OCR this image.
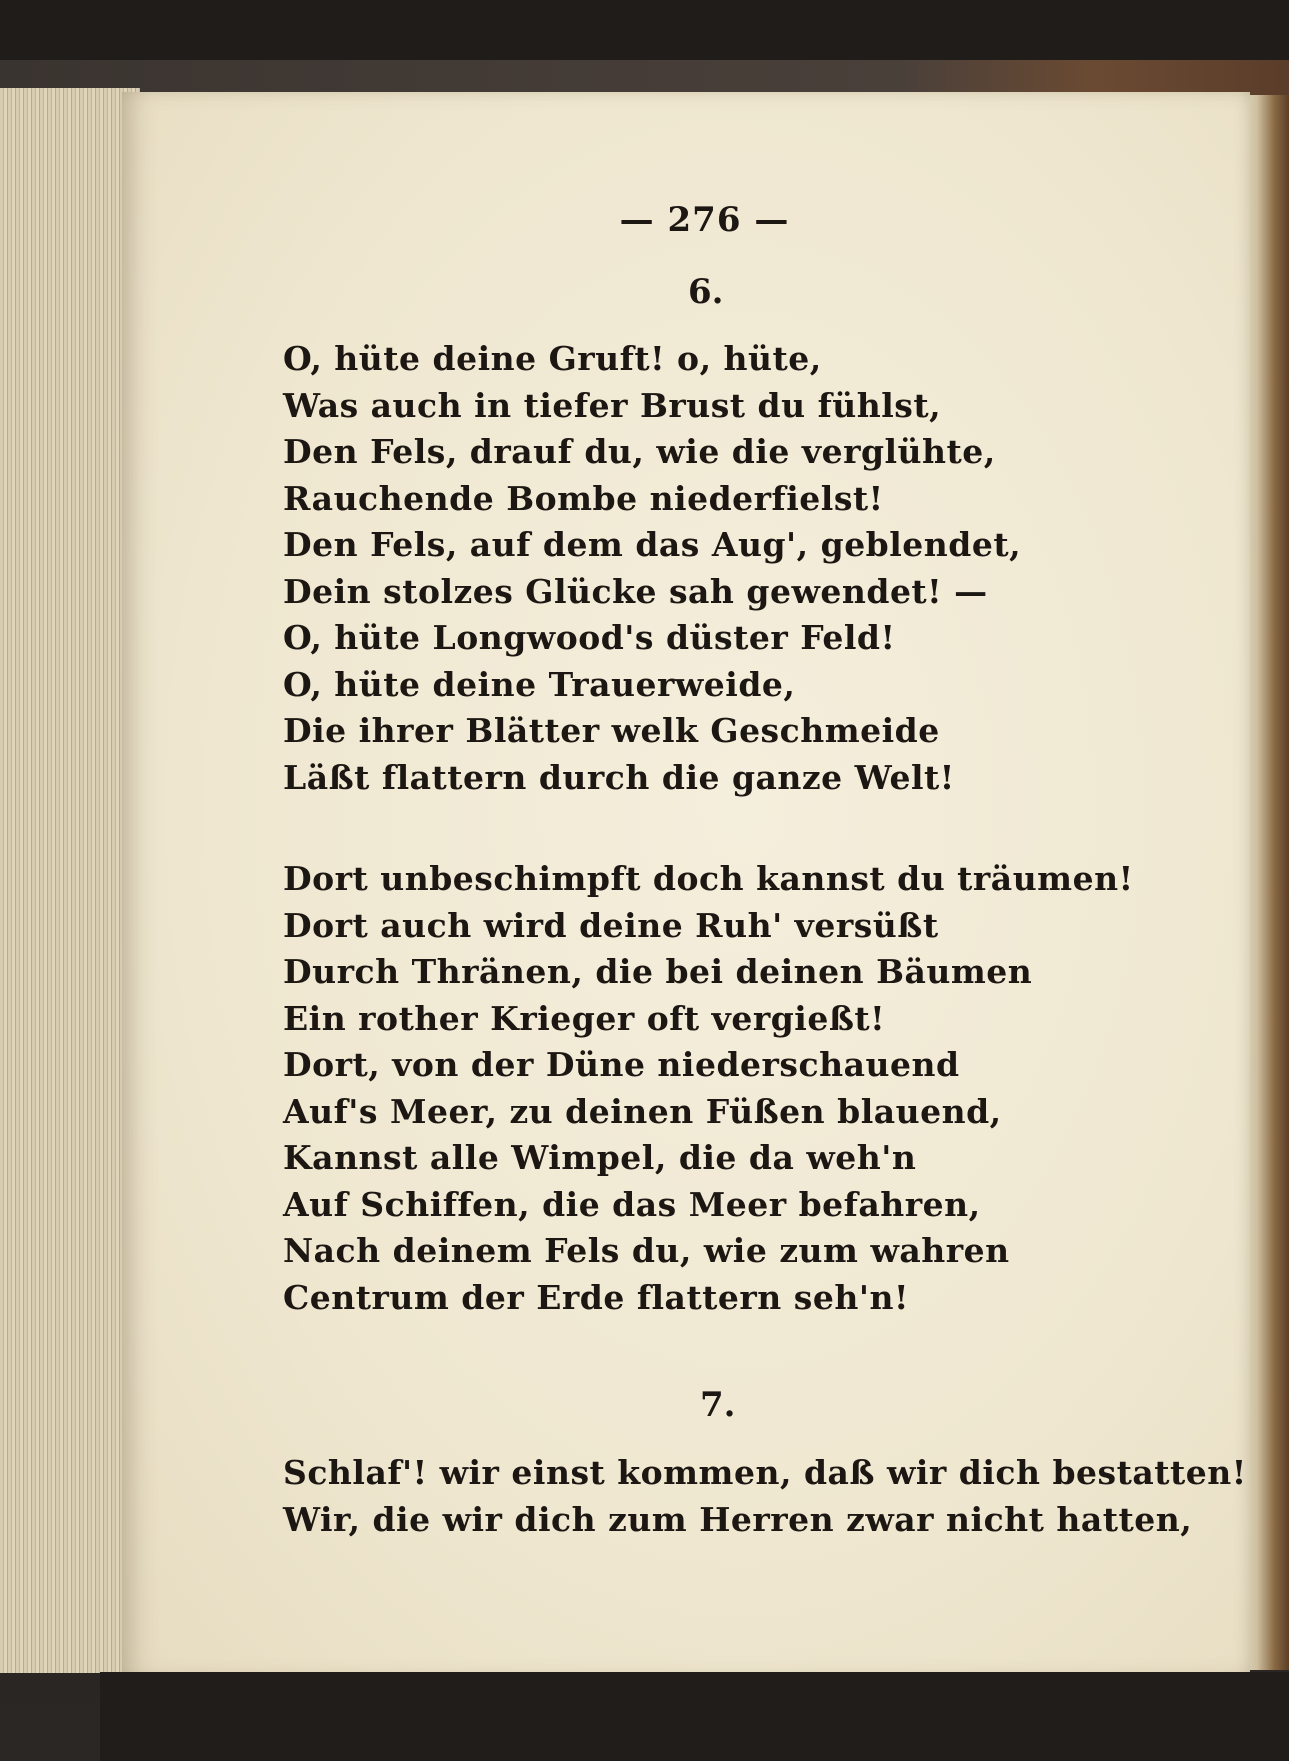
— 276 —
6.
O, hüte deine Gruft! o, hüte,
Was auch in tiefer Brust du fühlst,
Den Fels, drauf du, wie die verglühte,
Rauchende Bombe niederfielst!
Den Fels, auf dem das Aug', geblendet,
Dein stolzes Glücke sah gewendet! —
O, hüte Longwood's düster Feld!
O, hüte deine Trauerweide,
Die ihrer Blätter welk Geschmeide
Läßt flattern durch die ganze Welt!
Dort unbeschimpft doch kannst du träumen!
Dort auch wird deine Ruh' versüßt
Durch Thränen, die bei deinen Bäumen
Ein rother Krieger oft vergießt!
Dort, von der Düne niederschauend
Auf's Meer, zu deinen Füßen blauend,
Kannst alle Wimpel, die da weh'n
Auf Schiffen, die das Meer befahren,
Nach deinem Fels du, wie zum wahren
Centrum der Erde flattern seh'n!
7.
Schlaf'! wir einst kommen, daß wir dich bestatten!
Wir, die wir dich zum Herren zwar nicht hatten,
